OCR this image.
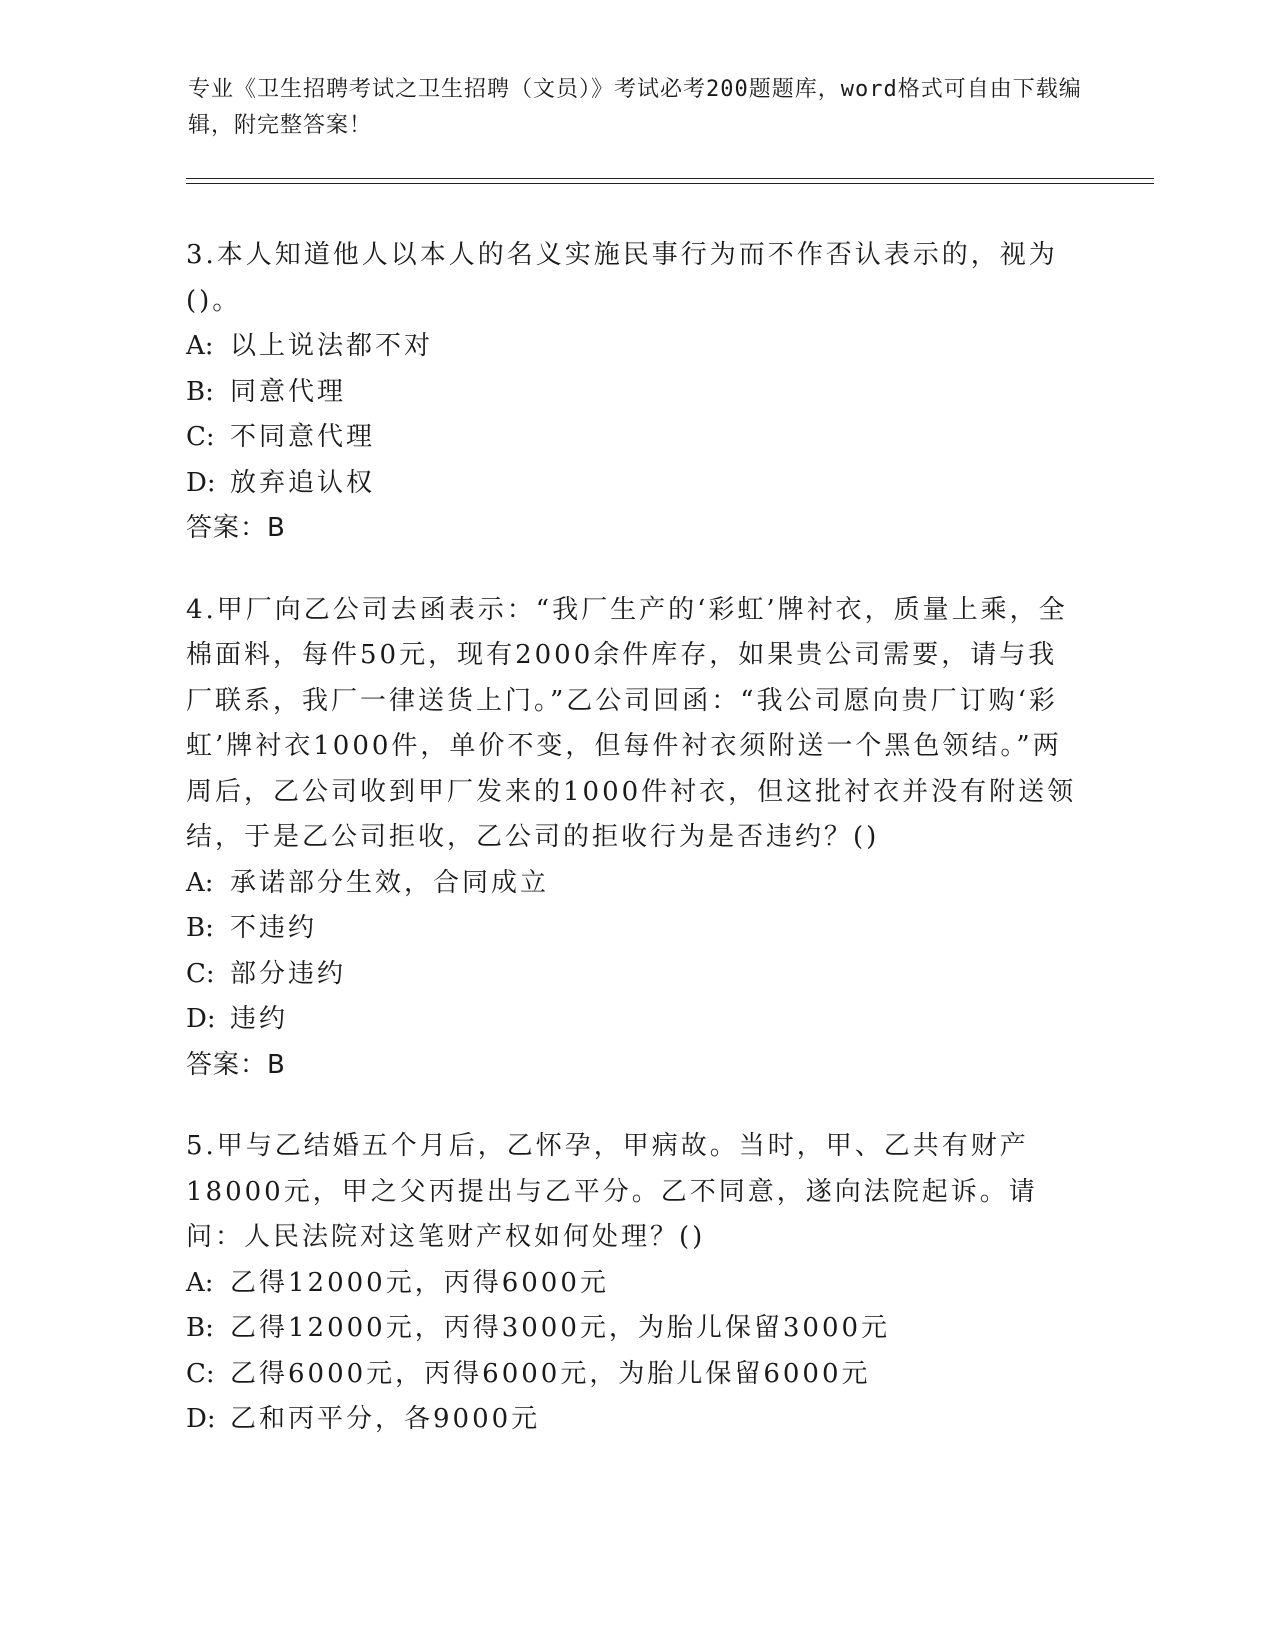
专业《卫生招聘考试之卫生招聘（文员）》考试必考200题题库，word格式可自由下载编辑，附完整答案！

3.本人知道他人以本人的名义实施民事行为而不作否认表示的，视为()。

A: 以上说法都不对

B: 同意代理

C: 不同意代理

D: 放弃追认权

答案：B

4.甲厂向乙公司去函表示：“我厂生产的‘彩虹’牌衬衣，质量上乘，全棉面料，每件50元，现有2000余件库存，如果贵公司需要，请与我厂联系，我厂一律送货上门。”乙公司回函：“我公司愿向贵厂订购‘彩虹’牌衬衣1000件，单价不变，但每件衬衣须附送一个黑色领结。”两周后，乙公司收到甲厂发来的1000件衬衣，但这批衬衣并没有附送领结，于是乙公司拒收，乙公司的拒收行为是否违约？()

A: 承诺部分生效，合同成立

B: 不违约

C: 部分违约

D: 违约

答案：B

5.甲与乙结婚五个月后，乙怀孕，甲病故。当时，甲、乙共有财产18000元，甲之父丙提出与乙平分。乙不同意，遂向法院起诉。请问：人民法院对这笔财产权如何处理？()

A: 乙得12000元，丙得6000元

B: 乙得12000元，丙得3000元，为胎儿保留3000元

C: 乙得6000元，丙得6000元，为胎儿保留6000元

D: 乙和丙平分，各9000元
